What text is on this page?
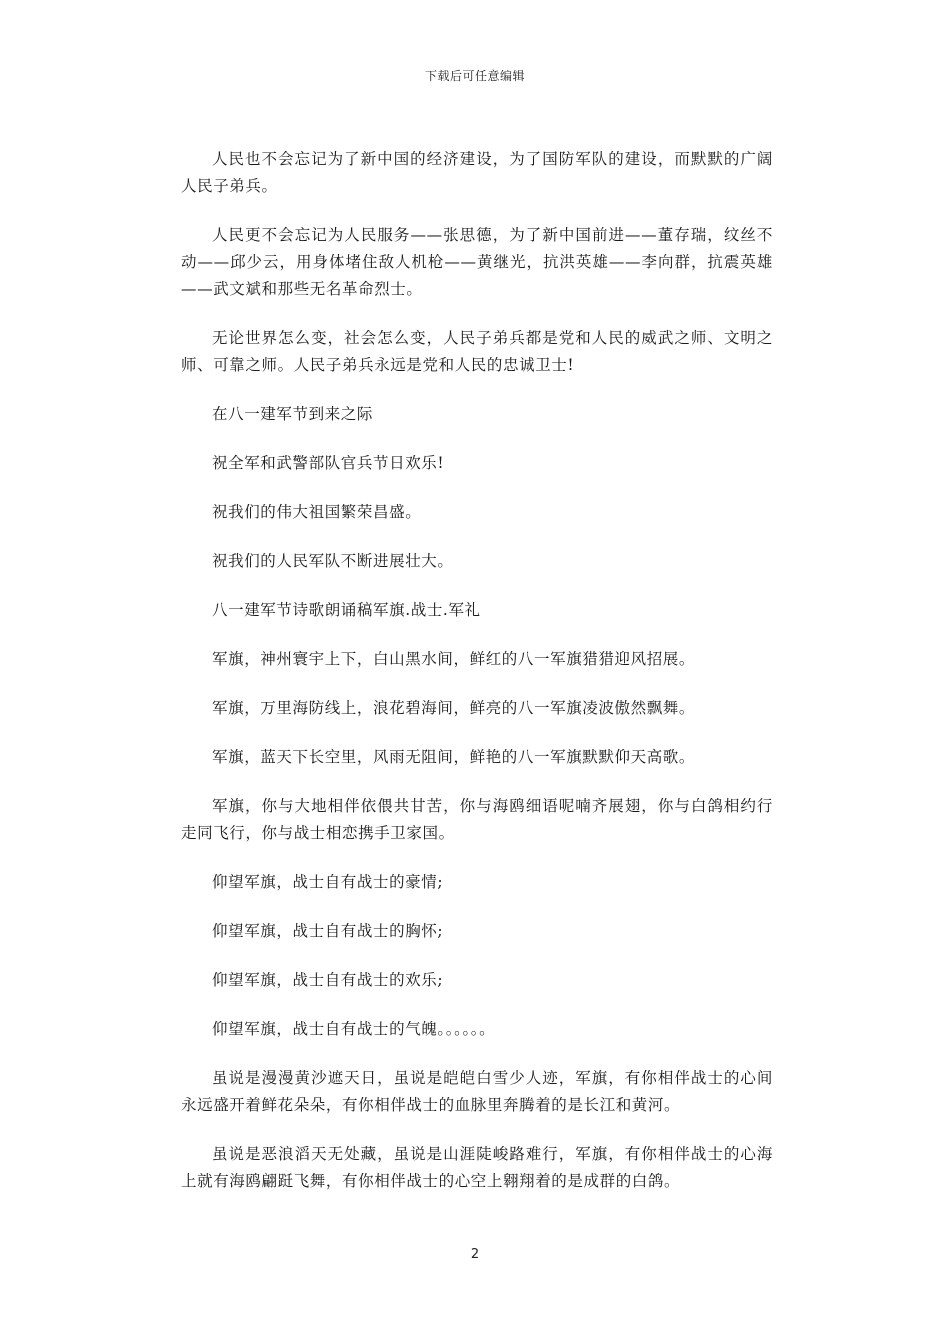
下载后可任意编辑

人民也不会忘记为了新中国的经济建设，为了国防军队的建设，而默默的广阔人民子弟兵。

人民更不会忘记为人民服务——张思德，为了新中国前进——董存瑞，纹丝不动——邱少云，用身体堵住敌人机枪——黄继光，抗洪英雄——李向群，抗震英雄——武文斌和那些无名革命烈士。

无论世界怎么变，社会怎么变，人民子弟兵都是党和人民的威武之师、文明之师、可靠之师。人民子弟兵永远是党和人民的忠诚卫士!

在八一建军节到来之际

祝全军和武警部队官兵节日欢乐!

祝我们的伟大祖国繁荣昌盛。

祝我们的人民军队不断进展壮大。

八一建军节诗歌朗诵稿军旗.战士.军礼

军旗，神州寰宇上下，白山黑水间，鲜红的八一军旗猎猎迎风招展。

军旗，万里海防线上，浪花碧海间，鲜亮的八一军旗凌波傲然飘舞。

军旗，蓝天下长空里，风雨无阻间，鲜艳的八一军旗默默仰天高歌。

军旗，你与大地相伴依偎共甘苦，你与海鸥细语呢喃齐展翅，你与白鸽相约行走同飞行，你与战士相恋携手卫家国。

仰望军旗，战士自有战士的豪情;

仰望军旗，战士自有战士的胸怀;

仰望军旗，战士自有战士的欢乐;

仰望军旗，战士自有战士的气魄。。。。。。

虽说是漫漫黄沙遮天日，虽说是皑皑白雪少人迹，军旗，有你相伴战士的心间永远盛开着鲜花朵朵，有你相伴战士的血脉里奔腾着的是长江和黄河。

虽说是恶浪滔天无处藏，虽说是山涯陡峻路难行，军旗，有你相伴战士的心海上就有海鸥翩跹飞舞，有你相伴战士的心空上翱翔着的是成群的白鸽。

2
